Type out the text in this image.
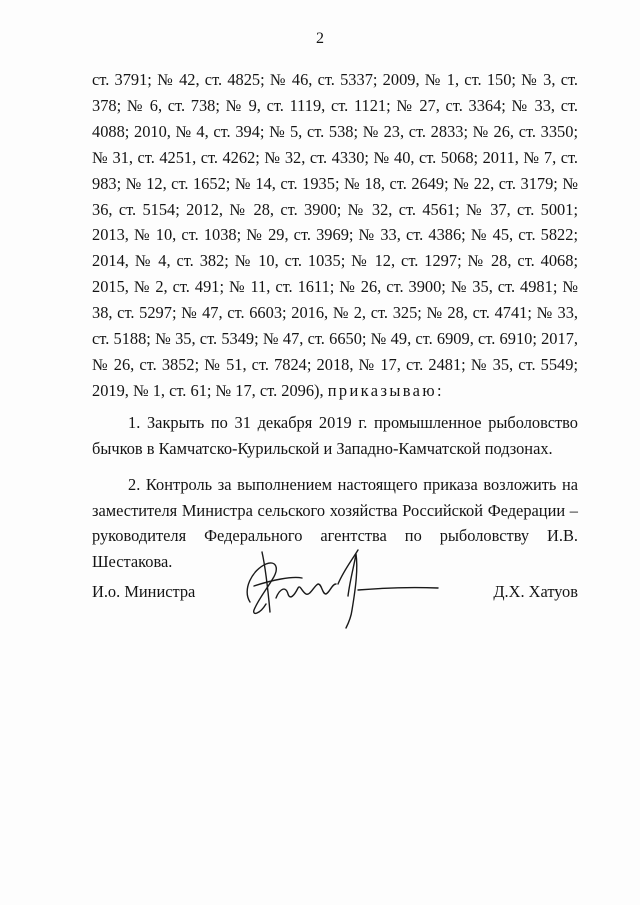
2

ст. 3791; № 42, ст. 4825; № 46, ст. 5337; 2009, № 1, ст. 150; № 3, ст. 378; № 6, ст. 738; № 9, ст. 1119, ст. 1121; № 27, ст. 3364; № 33, ст. 4088; 2010, № 4, ст. 394; № 5, ст. 538; № 23, ст. 2833; № 26, ст. 3350; № 31, ст. 4251, ст. 4262; № 32, ст. 4330; № 40, ст. 5068; 2011, № 7, ст. 983; № 12, ст. 1652; № 14, ст. 1935; № 18, ст. 2649; № 22, ст. 3179; № 36, ст. 5154; 2012, № 28, ст. 3900; № 32, ст. 4561; № 37, ст. 5001; 2013, № 10, ст. 1038; № 29, ст. 3969; № 33, ст. 4386; № 45, ст. 5822; 2014, № 4, ст. 382; № 10, ст. 1035; № 12, ст. 1297; № 28, ст. 4068; 2015, № 2, ст. 491; № 11, ст. 1611; № 26, ст. 3900; № 35, ст. 4981; № 38, ст. 5297; № 47, ст. 6603; 2016, № 2, ст. 325; № 28, ст. 4741; № 33, ст. 5188; № 35, ст. 5349; № 47, ст. 6650; № 49, ст. 6909, ст. 6910; 2017, № 26, ст. 3852; № 51, ст. 7824; 2018, № 17, ст. 2481; № 35, ст. 5549; 2019, № 1, ст. 61; № 17, ст. 2096), приказываю:

1. Закрыть по 31 декабря 2019 г. промышленное рыболовство бычков в Камчатско-Курильской и Западно-Камчатской подзонах.

2. Контроль за выполнением настоящего приказа возложить на заместителя Министра сельского хозяйства Российской Федерации – руководителя Федерального агентства по рыболовству И.В. Шестакова.

И.о. Министра	Д.Х. Хатуов
